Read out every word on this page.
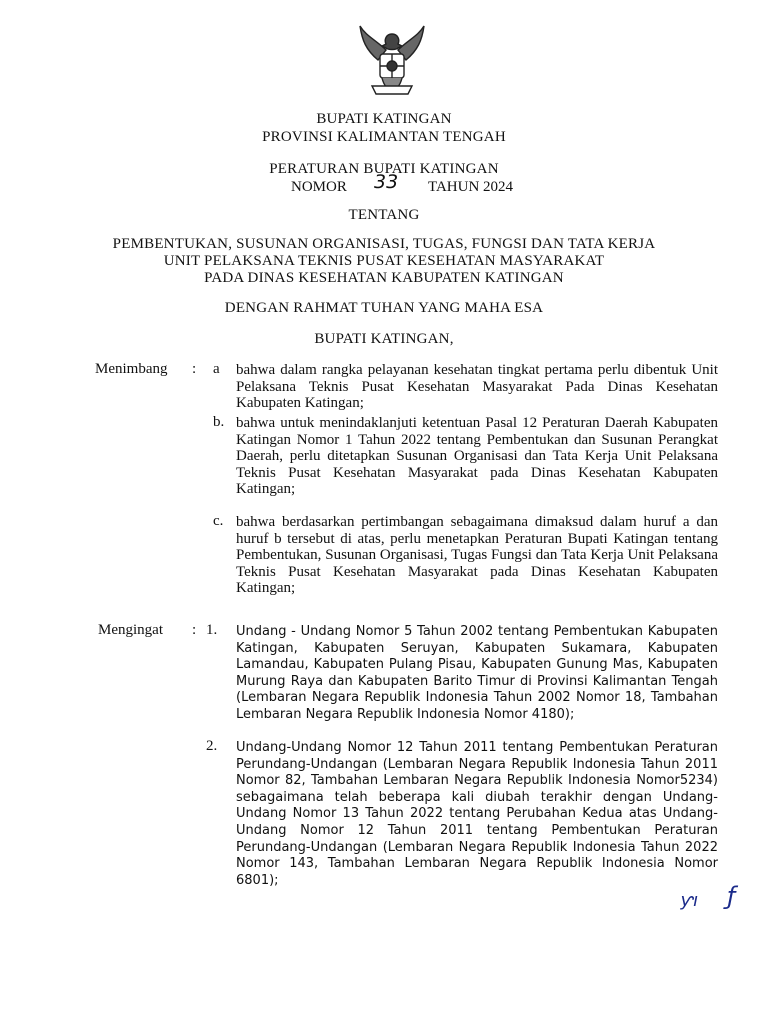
BUPATI KATINGAN
PROVINSI KALIMANTAN TENGAH
PERATURAN BUPATI KATINGAN
NOMOR 33 TAHUN 2024
TENTANG
PEMBENTUKAN, SUSUNAN ORGANISASI, TUGAS, FUNGSI DAN TATA KERJA
UNIT PELAKSANA TEKNIS PUSAT KESEHATAN MASYARAKAT
PADA DINAS KESEHATAN KABUPATEN KATINGAN
DENGAN RAHMAT TUHAN YANG MAHA ESA
BUPATI KATINGAN,
Menimbang : a bahwa dalam rangka pelayanan kesehatan tingkat pertama perlu dibentuk Unit Pelaksana Teknis Pusat Kesehatan Masyarakat Pada Dinas Kesehatan Kabupaten Katingan;
b. bahwa untuk menindaklanjuti ketentuan Pasal 12 Peraturan Daerah Kabupaten Katingan Nomor 1 Tahun 2022 tentang Pembentukan dan Susunan Perangkat Daerah, perlu ditetapkan Susunan Organisasi dan Tata Kerja Unit Pelaksana Teknis Pusat Kesehatan Masyarakat pada Dinas Kesehatan Kabupaten Katingan;
c. bahwa berdasarkan pertimbangan sebagaimana dimaksud dalam huruf a dan huruf b tersebut di atas, perlu menetapkan Peraturan Bupati Katingan tentang Pembentukan, Susunan Organisasi, Tugas Fungsi dan Tata Kerja Unit Pelaksana Teknis Pusat Kesehatan Masyarakat pada Dinas Kesehatan Kabupaten Katingan;
Mengingat : 1. Undang - Undang Nomor 5 Tahun 2002 tentang Pembentukan Kabupaten Katingan, Kabupaten Seruyan, Kabupaten Sukamara, Kabupaten Lamandau, Kabupaten Pulang Pisau, Kabupaten Gunung Mas, Kabupaten Murung Raya dan Kabupaten Barito Timur di Provinsi Kalimantan Tengah (Lembaran Negara Republik Indonesia Tahun 2002 Nomor 18, Tambahan Lembaran Negara Republik Indonesia Nomor 4180);
2. Undang-Undang Nomor 12 Tahun 2011 tentang Pembentukan Peraturan Perundang-Undangan (Lembaran Negara Republik Indonesia Tahun 2011 Nomor 82, Tambahan Lembaran Negara Republik Indonesia Nomor5234) sebagaimana telah beberapa kali diubah terakhir dengan Undang-Undang Nomor 13 Tahun 2022 tentang Perubahan Kedua atas Undang-Undang Nomor 12 Tahun 2011 tentang Pembentukan Peraturan Perundang-Undangan (Lembaran Negara Republik Indonesia Tahun 2022 Nomor 143, Tambahan Lembaran Negara Republik Indonesia Nomor 6801);
ƴı ƒ
